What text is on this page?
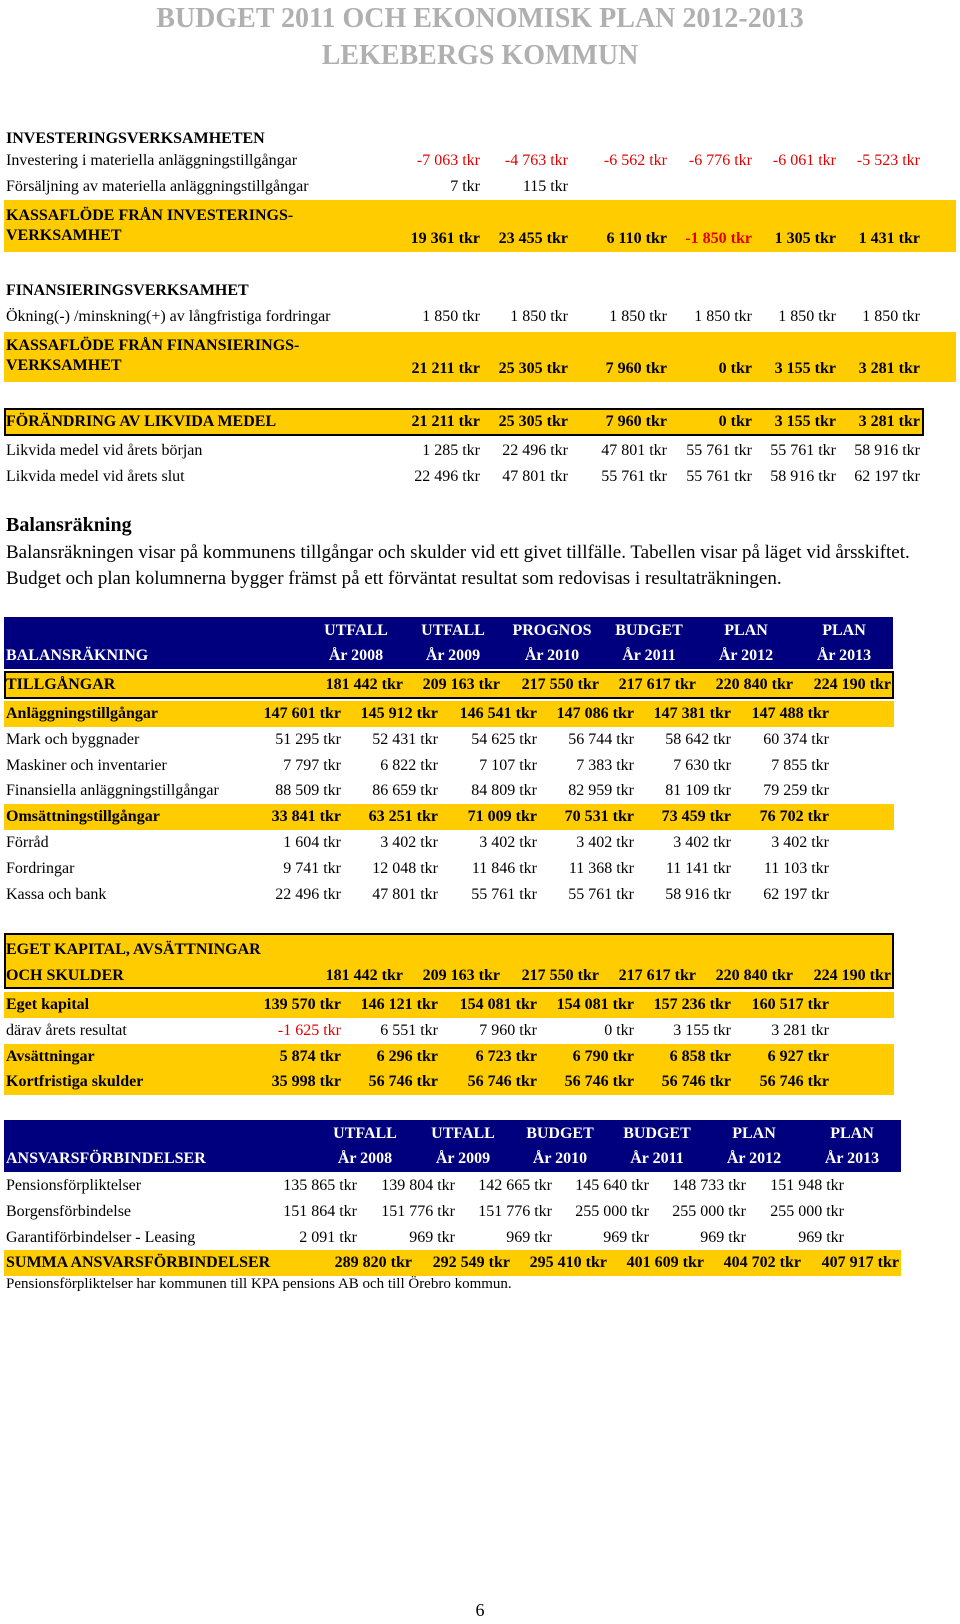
BUDGET 2011 OCH EKONOMISK PLAN 2012-2013
LEKEBERGS KOMMUN
INVESTERINGSVERKSAMHETEN
Investering i materiella anläggningstillgångar	-7 063 tkr -4 763 tkr -6 562 tkr -6 776 tkr -6 061 tkr -5 523 tkr
Försäljning av materiella anläggningstillgångar	7 tkr	115 tkr
KASSAFLÖDE FRÅN INVESTERINGS-
VERKSAMHET	19 361 tkr 23 455 tkr 6 110 tkr -1 850 tkr 1 305 tkr 1 431 tkr
FINANSIERINGSVERKSAMHET
Ökning(-) /minskning(+) av långfristiga fordringar	1 850 tkr 1 850 tkr	1 850 tkr 1 850 tkr 1 850 tkr 1 850 tkr
KASSAFLÖDE FRÅN FINANSIERINGS-
VERKSAMHET	21 211 tkr 25 305 tkr 7 960 tkr	0 tkr 3 155 tkr 3 281 tkr
FÖRÄNDRING AV LIKVIDA MEDEL	21 211 tkr 25 305 tkr 7 960 tkr	0 tkr 3 155 tkr 3 281 tkr
Likvida medel vid årets början	1 285 tkr 22 496 tkr 47 801 tkr 55 761 tkr 55 761 tkr 58 916 tkr
Likvida medel vid årets slut	22 496 tkr 47 801 tkr 55 761 tkr 55 761 tkr 58 916 tkr 62 197 tkr
Balansräkning
Balansräkningen visar på kommunens tillgångar och skulder vid ett givet tillfälle. Tabellen visar på läget vid årsskiftet. Budget och plan kolumnerna bygger främst på ett förväntat resultat som redovisas i resultaträkningen.
UTFALL	UTFALL	PROGNOS	BUDGET	PLAN	PLAN
BALANSRÄKNING	År 2008	År 2009	År 2010	År 2011	År 2012	År 2013
TILLGÅNGAR	181 442 tkr 209 163 tkr 217 550 tkr 217 617 tkr 220 840 tkr 224 190 tkr
Anläggningstillgångar	147 601 tkr 145 912 tkr 146 541 tkr 147 086 tkr 147 381 tkr 147 488 tkr
Mark och byggnader	51 295 tkr 52 431 tkr 54 625 tkr 56 744 tkr 58 642 tkr 60 374 tkr
Maskiner och inventarier	7 797 tkr 6 822 tkr	7 107 tkr 7 383 tkr 7 630 tkr	7 855 tkr
Finansiella anläggningstillgångar	88 509 tkr 86 659 tkr 84 809 tkr 82 959 tkr 81 109 tkr 79 259 tkr
Omsättningstillgångar	33 841 tkr 63 251 tkr 71 009 tkr 70 531 tkr 73 459 tkr 76 702 tkr
Förråd	1 604 tkr 3 402 tkr	3 402 tkr 3 402 tkr 3 402 tkr	3 402 tkr
Fordringar	9 741 tkr 12 048 tkr 11 846 tkr 11 368 tkr 11 141 tkr 11 103 tkr
Kassa och bank	22 496 tkr 47 801 tkr 55 761 tkr 55 761 tkr 58 916 tkr 62 197 tkr
EGET KAPITAL, AVSÄTTNINGAR
OCH SKULDER	181 442 tkr 209 163 tkr 217 550 tkr 217 617 tkr 220 840 tkr 224 190 tkr
Eget kapital	139 570 tkr 146 121 tkr 154 081 tkr 154 081 tkr 157 236 tkr 160 517 tkr
därav årets resultat	-1 625 tkr 6 551 tkr	7 960 tkr	0 tkr 3 155 tkr	3 281 tkr
Avsättningar	5 874 tkr 6 296 tkr 6 723 tkr 6 790 tkr 6 858 tkr 6 927 tkr
Kortfristiga skulder	35 998 tkr 56 746 tkr 56 746 tkr 56 746 tkr 56 746 tkr 56 746 tkr
UTFALL	UTFALL	BUDGET	BUDGET	PLAN	PLAN
ANSVARSFÖRBINDELSER	År 2008	År 2009	År 2010	År 2011	År 2012	År 2013
Pensionsförpliktelser	135 865 tkr 139 804 tkr 142 665 tkr 145 640 tkr 148 733 tkr 151 948 tkr
Borgensförbindelse	151 864 tkr 151 776 tkr 151 776 tkr 255 000 tkr 255 000 tkr 255 000 tkr
Garantiförbindelser - Leasing	2 091 tkr	969 tkr	969 tkr	969 tkr	969 tkr	969 tkr
SUMMA ANSVARSFÖRBINDELSER	289 820 tkr 292 549 tkr 295 410 tkr 401 609 tkr 404 702 tkr 407 917 tkr
Pensionsförpliktelser har kommunen till KPA pensions AB och till Örebro kommun.
6
